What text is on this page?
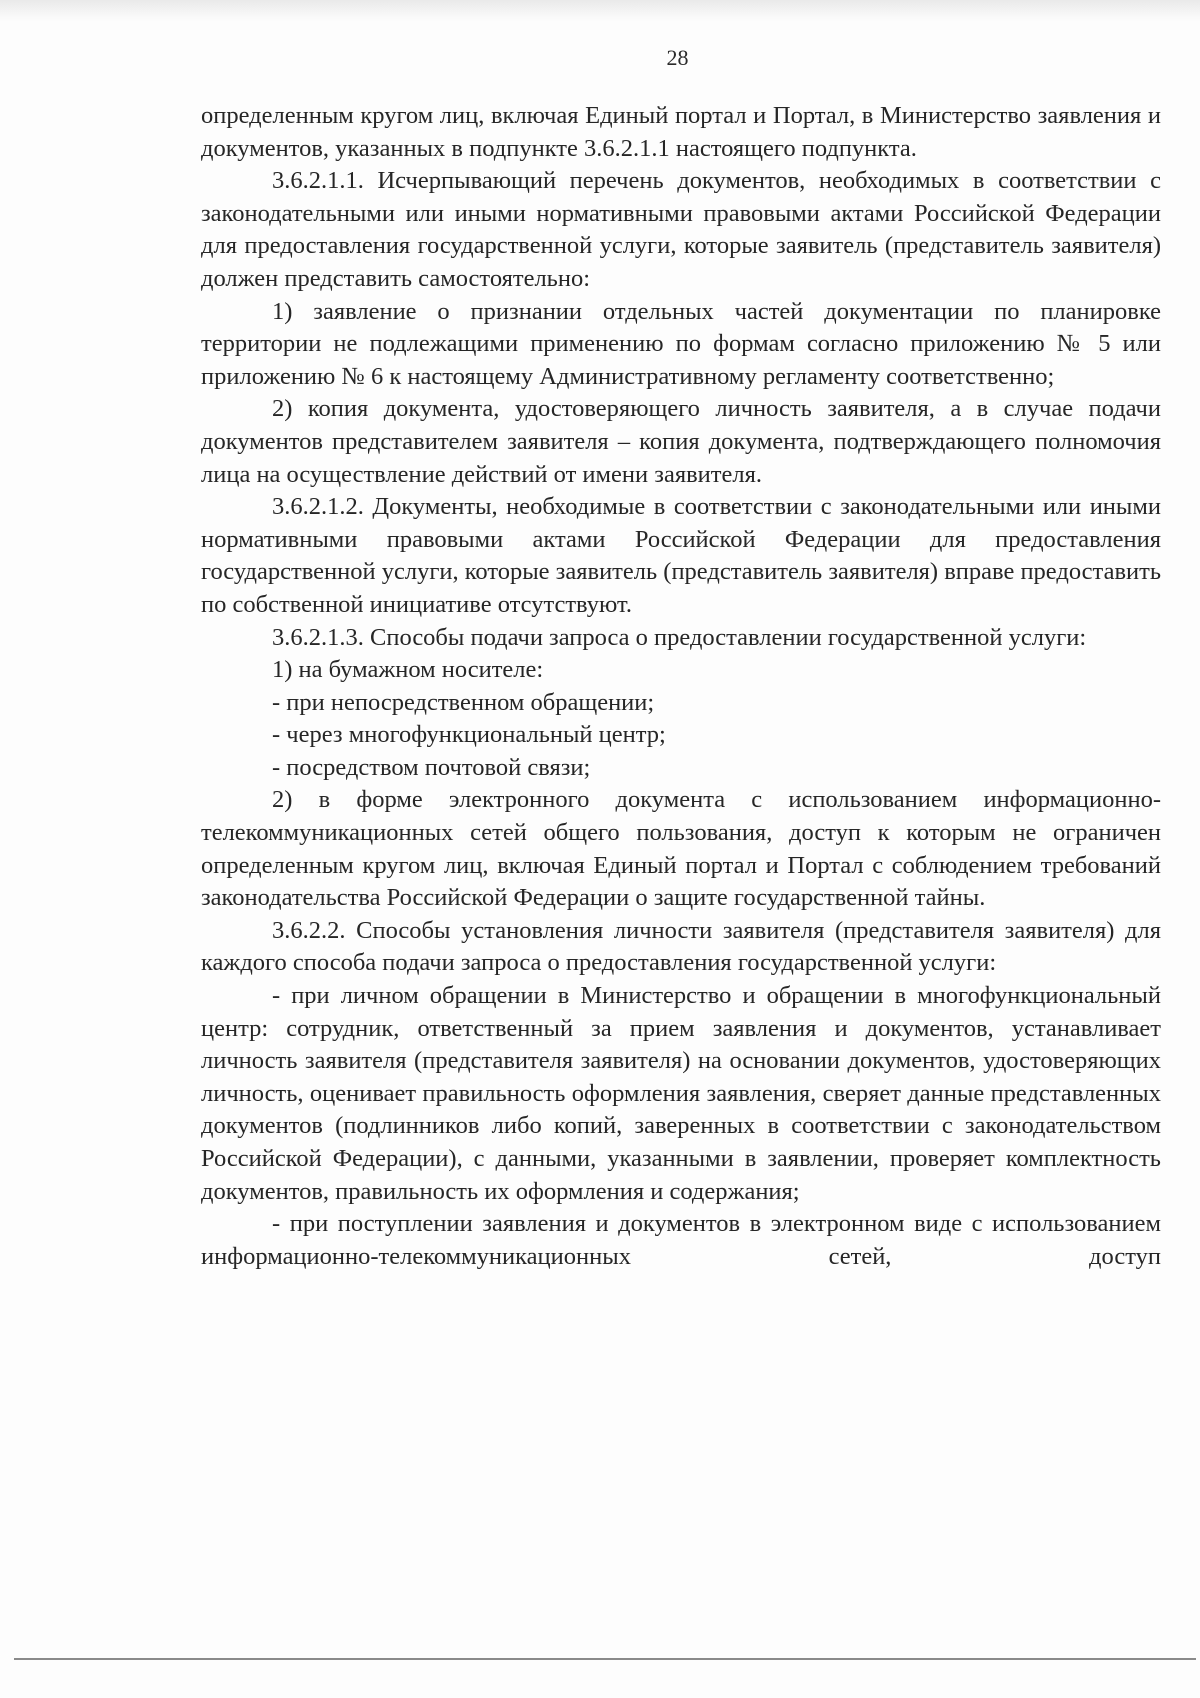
28

определенным кругом лиц, включая Единый портал и Портал, в Министерство заявления и документов, указанных в подпункте 3.6.2.1.1 настоящего подпункта.

3.6.2.1.1. Исчерпывающий перечень документов, необходимых в соответствии с законодательными или иными нормативными правовыми актами Российской Федерации для предоставления государственной услуги, которые заявитель (представитель заявителя) должен представить самостоятельно:

1) заявление о признании отдельных частей документации по планировке территории не подлежащими применению по формам согласно приложению № 5 или приложению № 6 к настоящему Административному регламенту соответственно;

2) копия документа, удостоверяющего личность заявителя, а в случае подачи документов представителем заявителя – копия документа, подтверждающего полномочия лица на осуществление действий от имени заявителя.

3.6.2.1.2. Документы, необходимые в соответствии с законодательными или иными нормативными правовыми актами Российской Федерации для предоставления государственной услуги, которые заявитель (представитель заявителя) вправе предоставить по собственной инициативе отсутствуют.

3.6.2.1.3. Способы подачи запроса о предоставлении государственной услуги:

1) на бумажном носителе:

- при непосредственном обращении;

- через многофункциональный центр;

- посредством почтовой связи;

2) в форме электронного документа с использованием информационно-телекоммуникационных сетей общего пользования, доступ к которым не ограничен определенным кругом лиц, включая Единый портал и Портал с соблюдением требований законодательства Российской Федерации о защите государственной тайны.

3.6.2.2. Способы установления личности заявителя (представителя заявителя) для каждого способа подачи запроса о предоставления государственной услуги:

- при личном обращении в Министерство и обращении в многофункциональный центр: сотрудник, ответственный за прием заявления и документов, устанавливает личность заявителя (представителя заявителя) на основании документов, удостоверяющих личность, оценивает правильность оформления заявления, сверяет данные представленных документов (подлинников либо копий, заверенных в соответствии с законодательством Российской Федерации), с данными, указанными в заявлении, проверяет комплектность документов, правильность их оформления и содержания;

- при поступлении заявления и документов в электронном виде с использованием информационно-телекоммуникационных сетей, доступ
